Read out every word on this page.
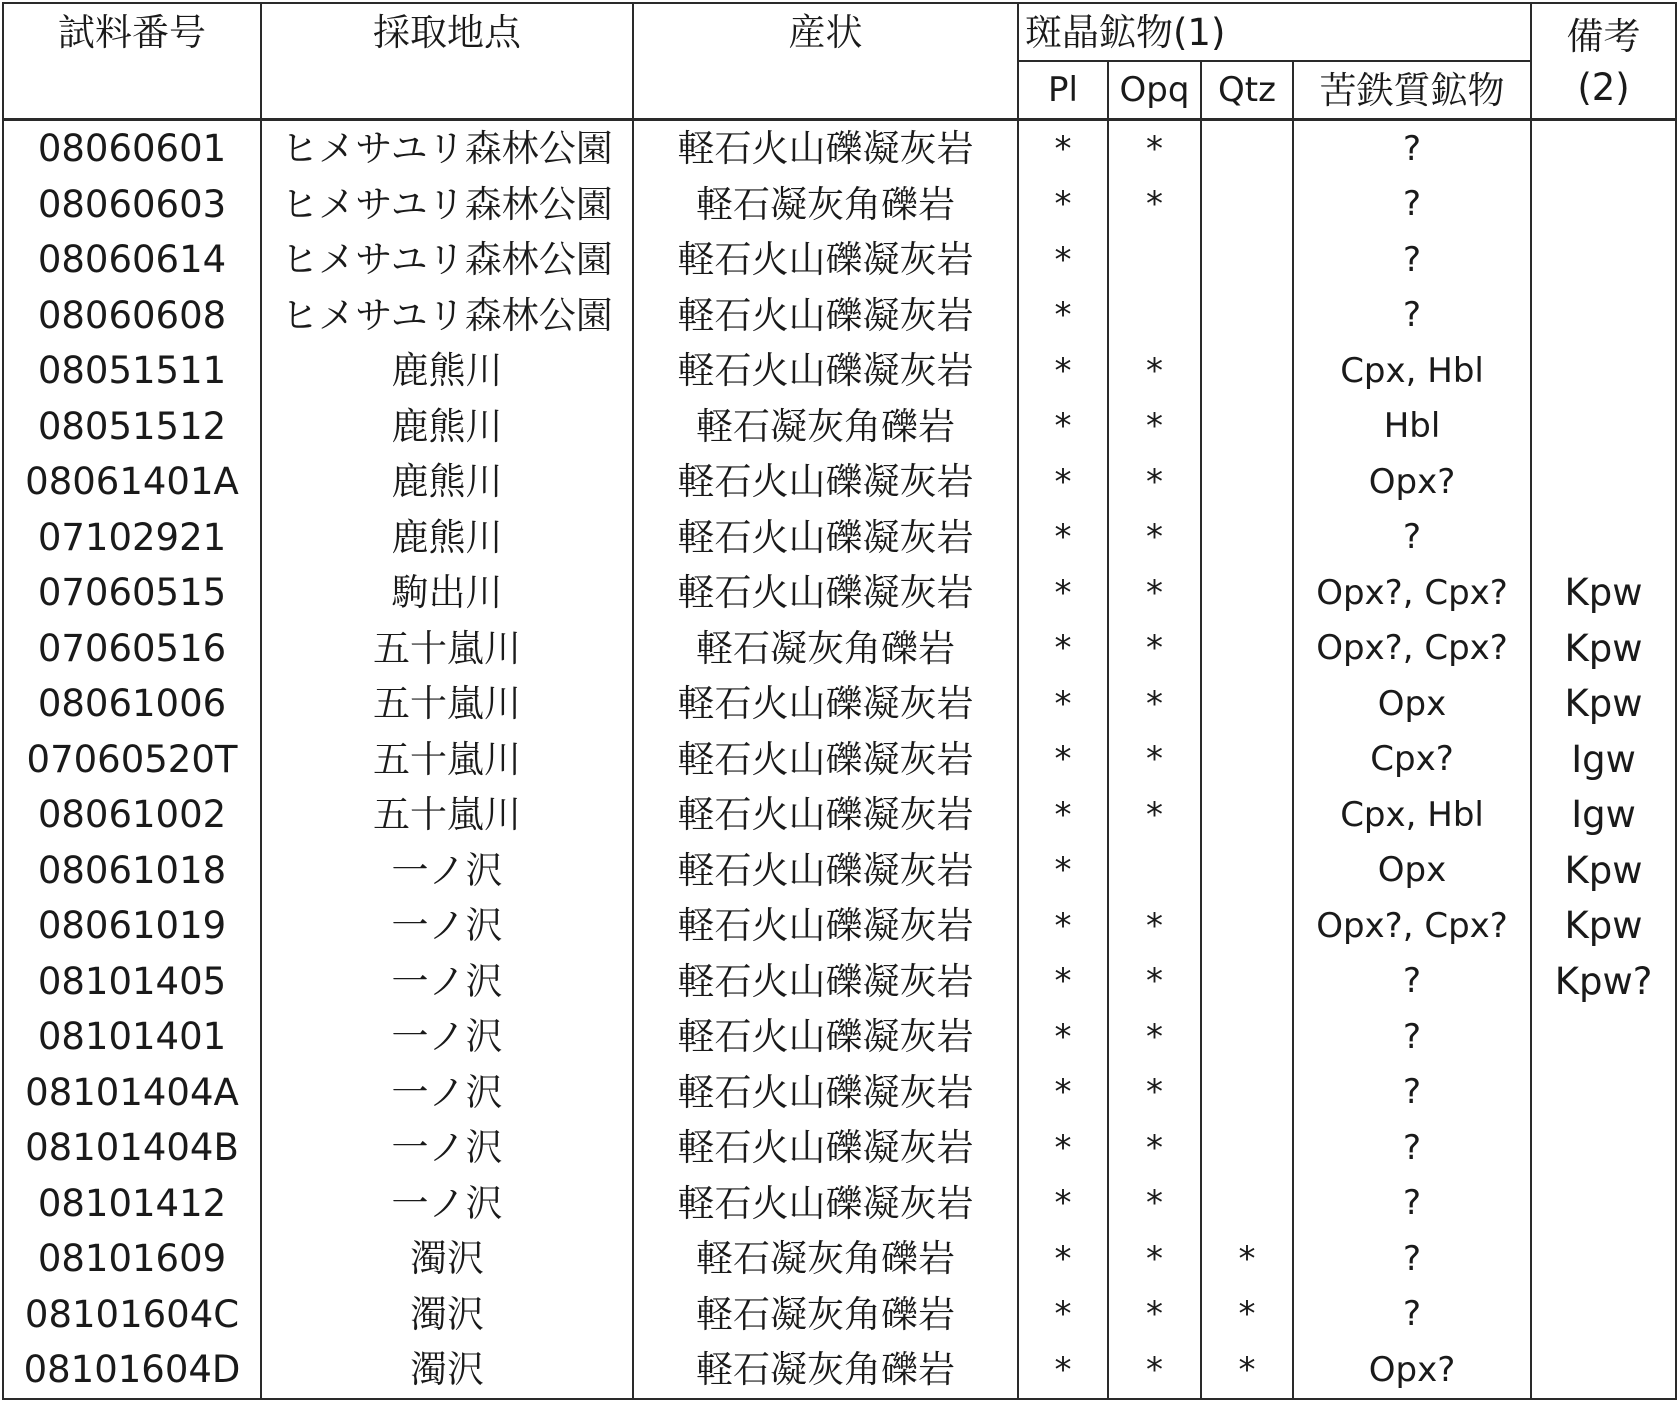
試料番号	採取地点	産状	斑晶鉱物(1)				備考
(2)

			Pl	Opq	Qtz	苦鉄質鉱物	
08060601	ヒメサユリ森林公園	軽石火山礫凝灰岩	*	*		?	
08060603	ヒメサユリ森林公園	軽石凝灰角礫岩	*	*		?	
08060614	ヒメサユリ森林公園	軽石火山礫凝灰岩	*			?	
08060608	ヒメサユリ森林公園	軽石火山礫凝灰岩	*			?	
08051511	鹿熊川	軽石火山礫凝灰岩	*	*		Cpx, Hbl	
08051512	鹿熊川	軽石凝灰角礫岩	*	*		Hbl	
08061401A	鹿熊川	軽石火山礫凝灰岩	*	*		Opx?	
07102921	鹿熊川	軽石火山礫凝灰岩	*	*		?	
07060515	駒出川	軽石火山礫凝灰岩	*	*		Opx?, Cpx?	Kpw
07060516	五十嵐川	軽石凝灰角礫岩	*	*		Opx?, Cpx?	Kpw
08061006	五十嵐川	軽石火山礫凝灰岩	*	*		Opx	Kpw
07060520T	五十嵐川	軽石火山礫凝灰岩	*	*		Cpx?	Igw
08061002	五十嵐川	軽石火山礫凝灰岩	*	*		Cpx, Hbl	Igw
08061018	一ノ沢	軽石火山礫凝灰岩	*			Opx	Kpw
08061019	一ノ沢	軽石火山礫凝灰岩	*	*		Opx?, Cpx?	Kpw
08101405	一ノ沢	軽石火山礫凝灰岩	*	*		?	Kpw?
08101401	一ノ沢	軽石火山礫凝灰岩	*	*		?	
08101404A	一ノ沢	軽石火山礫凝灰岩	*	*		?	
08101404B	一ノ沢	軽石火山礫凝灰岩	*	*		?	
08101412	一ノ沢	軽石火山礫凝灰岩	*	*		?	
08101609	濁沢	軽石凝灰角礫岩	*	*	*	?	
08101604C	濁沢	軽石凝灰角礫岩	*	*	*	?	
08101604D	濁沢	軽石凝灰角礫岩	*	*	*	Opx?	
